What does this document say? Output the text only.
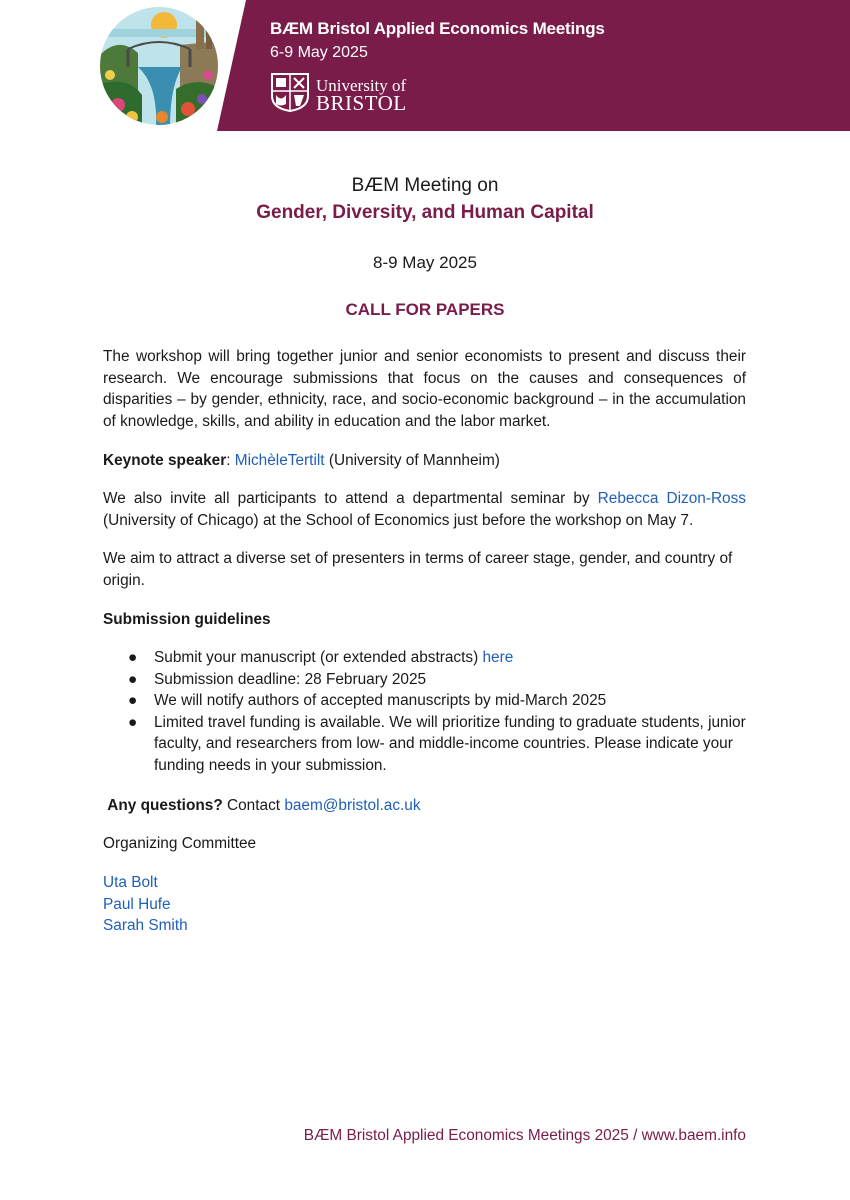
BÆM Bristol Applied Economics Meetings
6-9 May 2025
University of
BRISTOL
BÆM Meeting on
Gender, Diversity, and Human Capital
8-9 May 2025
CALL FOR PAPERS
The workshop will bring together junior and senior economists to present and discuss their research. We encourage submissions that focus on the causes and consequences of disparities – by gender, ethnicity, race, and socio-economic background – in the accumulation of knowledge, skills, and ability in education and the labor market.
Keynote speaker: MichèleTertilt (University of Mannheim)
We also invite all participants to attend a departmental seminar by Rebecca Dizon-Ross (University of Chicago) at the School of Economics just before the workshop on May 7.
We aim to attract a diverse set of presenters in terms of career stage, gender, and country of origin.
Submission guidelines
● Submit your manuscript (or extended abstracts) here
● Submission deadline: 28 February 2025
● We will notify authors of accepted manuscripts by mid-March 2025
● Limited travel funding is available. We will prioritize funding to graduate students, junior faculty, and researchers from low- and middle-income countries. Please indicate your funding needs in your submission.
Any questions? Contact baem@bristol.ac.uk
Organizing Committee
Uta Bolt
Paul Hufe
Sarah Smith
BÆM Bristol Applied Economics Meetings 2025 / www.baem.info
